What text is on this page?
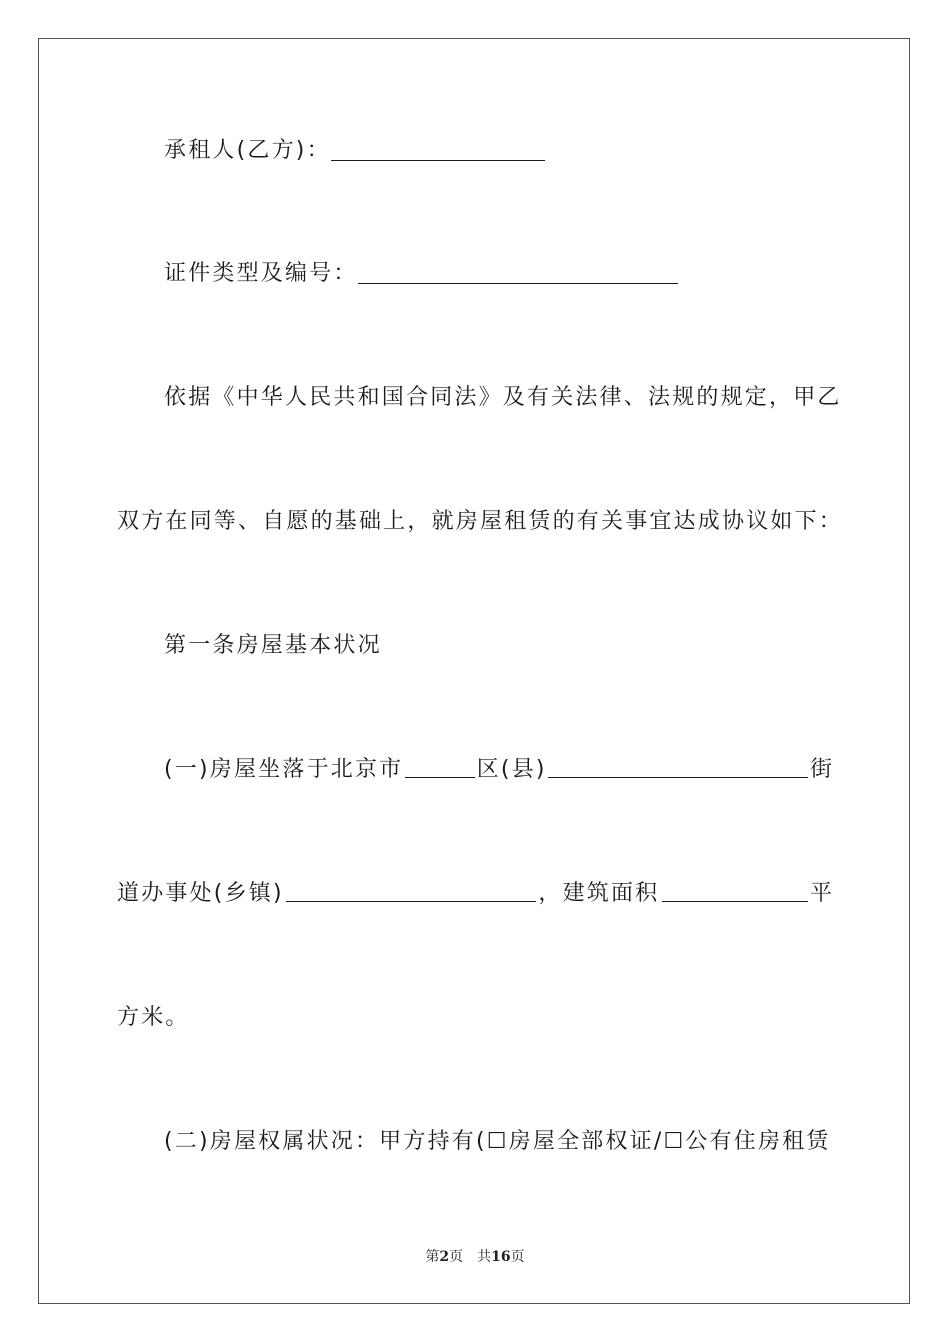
承租人(乙方)：
证件类型及编号：
依据《中华人民共和国合同法》及有关法律、法规的规定，甲乙
双方在同等、自愿的基础上，就房屋租赁的有关事宜达成协议如下：
第一条房屋基本状况
(一)房屋坐落于北京市	区(县)	街
道办事处(乡镇)	，建筑面积	平
方米。
(二)房屋权属状况：甲方持有(☐房屋全部权证/☐公有住房租赁
第2页 共16页
